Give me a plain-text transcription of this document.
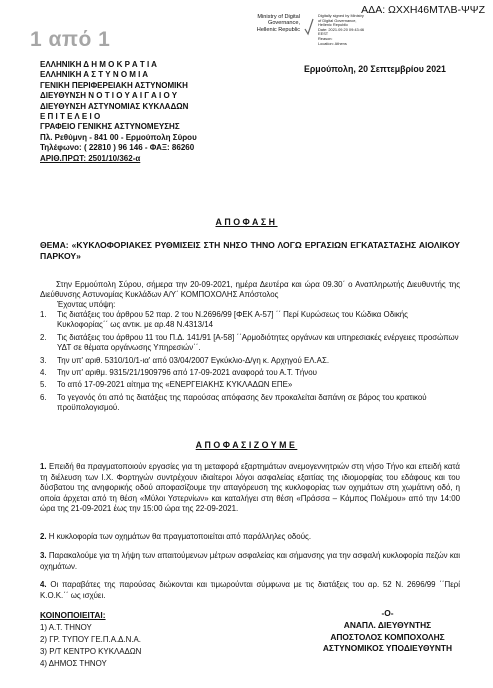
1 από 1
ΑΔΑ: ΩΧΧΗ46ΜΤΛΒ-ΨΨΖ
Ministry of Digital
Governance,
Hellenic Republic
Digitally signed by Ministry
of Digital Governance,
Hellenic Republic
Date: 2021.09.20 09:43:46
EEST
Reason:
Location: Athens
ΕΛΛΗΝΙΚΗ Δ Η Μ Ο Κ Ρ Α Τ Ι Α
ΕΛΛΗΝΙΚΗ Α Σ Τ Υ Ν Ο Μ Ι Α
ΓΕΝΙΚΗ ΠΕΡΙΦΕΡΕΙΑΚΗ ΑΣΤΥΝΟΜΙΚΗ
ΔΙΕΥΘΥΝΣΗ Ν Ο Τ Ι Ο Υ Α Ι Γ Α Ι Ο Υ
ΔΙΕΥΘΥΝΣΗ ΑΣΤΥΝΟΜΙΑΣ ΚΥΚΛΑΔΩΝ
Ε Π Ι Τ Ε Λ Ε Ι Ο
ΓΡΑΦΕΙΟ ΓΕΝΙΚΗΣ ΑΣΤΥΝΟΜΕΥΣΗΣ
Πλ. Ρεθύμνη - 841 00 - Ερμούπολη Σύρου
Τηλέφωνο: ( 22810 ) 96 146 - ΦΑΞ: 86260
ΑΡΙΘ.ΠΡΩΤ: 2501/10/362-α
Ερμούπολη, 20 Σεπτεμβρίου 2021
ΑΠΟΦΑΣΗ
ΘΕΜΑ: «ΚΥΚΛΟΦΟΡΙΑΚΕΣ ΡΥΘΜΙΣΕΙΣ ΣΤΗ ΝΗΣΟ ΤΗΝΟ ΛΟΓΩ ΕΡΓΑΣΙΩΝ ΕΓΚΑΤΑΣΤΑΣΗΣ ΑΙΟΛΙΚΟΥ ΠΑΡΚΟΥ»
Στην Ερμούπολη Σύρου, σήμερα την 20-09-2021, ημέρα Δευτέρα και ώρα 09.30΄ ο Αναπληρωτής Διευθυντής της Διεύθυνσης Αστυνομίας Κυκλάδων Α/Υ΄ ΚΟΜΠΟΧΟΛΗΣ Απόστολος
Έχοντας υπόψη:
1. Τις διατάξεις του άρθρου 52 παρ. 2 του Ν.2696/99 [ΦΕΚ Α-57] ΄΄ Περί Κυρώσεως του Κώδικα Οδικής Κυκλοφορίας΄΄ ως αντικ. με αρ.48 Ν.4313/14
2. Τις διατάξεις του άρθρου 11 του Π.Δ. 141/91 [Α-58] ΄΄Αρμοδιότητες οργάνων και υπηρεσιακές ενέργειες προσώπων ΥΔΤ σε θέματα οργάνωσης Υπηρεσιών΄΄.
3. Την υπ' αριθ. 5310/10/1-ια' από 03/04/2007 Εγκύκλιο-Δ/γη κ. Αρχηγού ΕΛ.ΑΣ.
4. Την υπ' αριθμ. 9315/21/1909796 από 17-09-2021 αναφορά του Α.Τ. Τήνου
5. Το από 17-09-2021 αίτημα της «ΕΝΕΡΓΕΙΑΚΗΣ ΚΥΚΛΑΔΩΝ ΕΠΕ»
6. Το γεγονός ότι από τις διατάξεις της παρούσας απόφασης δεν προκαλείται δαπάνη σε βάρος του κρατικού προϋπολογισμού.
ΑΠΟΦΑΣΙΖΟΥΜΕ
1. Επειδή θα πραγματοποιούν εργασίες για τη μεταφορά εξαρτημάτων ανεμογεννητριών στη νήσο Τήνο και επειδή κατά τη διέλευση των Ι.Χ. Φορτηγών συντρέχουν ιδιαίτεροι λόγοι ασφαλείας εξαιτίας της ιδιομορφίας του εδάφους και του δύσβατου της ανηφορικής οδού αποφασίζουμε την απαγόρευση της κυκλοφορίας των οχημάτων στη χωμάτινη οδό, η οποία άρχεται από τη θέση «Μύλοι Υστερνίων» και καταλήγει στη θέση «Πράσσα – Κάμπος Πολέμου» από την 14:00 ώρα της 21-09-2021 έως την 15:00 ώρα της 22-09-2021.
2. Η κυκλοφορία των οχημάτων θα πραγματοποιείται από παράλληλες οδούς.
3. Παρακαλούμε για τη λήψη των απαιτούμενων μέτρων ασφαλείας και σήμανσης για την ασφαλή κυκλοφορία πεζών και οχημάτων.
4. Οι παραβάτες της παρούσας διώκονται και τιμωρούνται σύμφωνα με τις διατάξεις του αρ. 52 Ν. 2696/99 ΄΄Περί Κ.Ο.Κ.΄΄ ως ισχύει.
ΚΟΙΝΟΠΟΙΕΙΤΑΙ:
1) Α.Τ. ΤΗΝΟΥ
2) ΓΡ. ΤΥΠΟΥ ΓΕ.Π.Α.Δ.Ν.Α.
3) Ρ/Τ ΚΕΝΤΡΟ ΚΥΚΛΑΔΩΝ
4) ΔΗΜΟΣ ΤΗΝΟΥ
-Ο-
ΑΝΑΠΛ. ΔΙΕΥΘΥΝΤΗΣ
ΑΠΟΣΤΟΛΟΣ ΚΟΜΠΟΧΟΛΗΣ
ΑΣΤΥΝΟΜΙΚΟΣ ΥΠΟΔΙΕΥΘΥΝΤΗ
